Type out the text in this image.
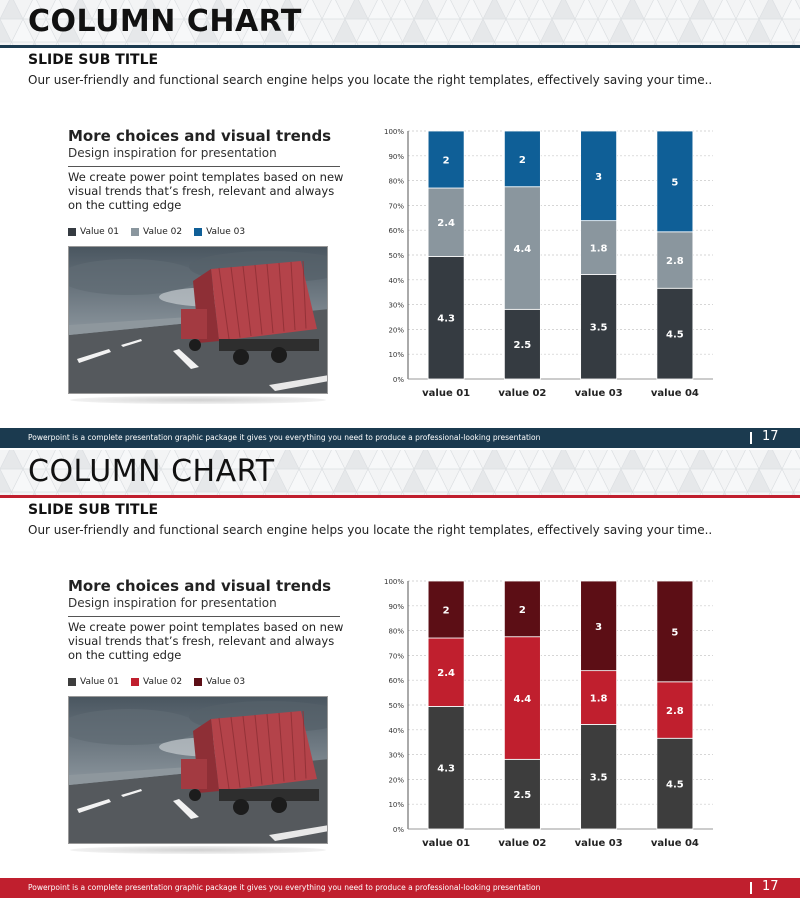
COLUMN CHART
SLIDE SUB TITLE
Our user-friendly and functional search engine helps you locate the right templates, effectively saving your time..
More choices and visual trends
Design inspiration for presentation
We create power point templates based on new visual trends that’s fresh, relevant and always on the cutting edge
Value 01	Value 02	Value 03
0%
10%
20%
30%
40%
50%
60%
70%
80%
90%
100%
4.3
2.4
2
value 01
2.5
4.4
2
value 02
3.5
1.8
3
value 03
4.5
2.8
5
value 04
Powerpoint is a complete presentation graphic package it gives you everything you need to produce a professional-looking presentation	17
COLUMN CHART
SLIDE SUB TITLE
Our user-friendly and functional search engine helps you locate the right templates, effectively saving your time..
More choices and visual trends
Design inspiration for presentation
We create power point templates based on new visual trends that’s fresh, relevant and always on the cutting edge
Value 01	Value 02	Value 03
0%
10%
20%
30%
40%
50%
60%
70%
80%
90%
100%
4.3
2.4
2
value 01
2.5
4.4
2
value 02
3.5
1.8
3
value 03
4.5
2.8
5
value 04
Powerpoint is a complete presentation graphic package it gives you everything you need to produce a professional-looking presentation	17
